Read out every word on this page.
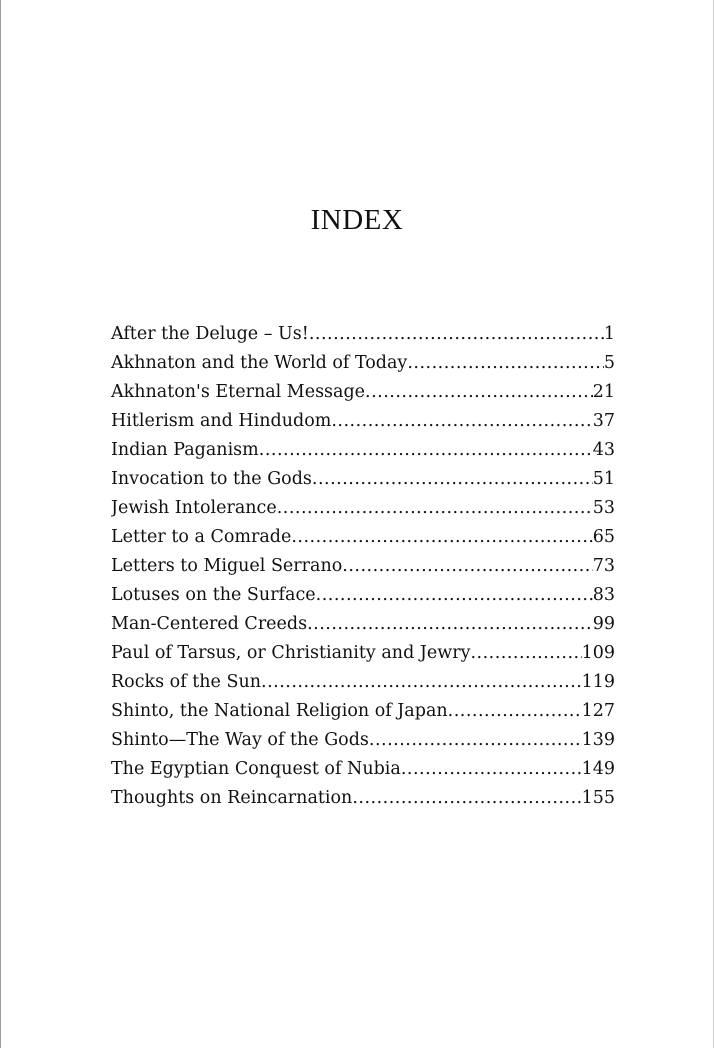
INDEX
After the Deluge – Us! .....	1
Akhnaton and the World of Today .....	5
Akhnaton's Eternal Message .....	21
Hitlerism and Hindudom .....	37
Indian Paganism .....	43
Invocation to the Gods .....	51
Jewish Intolerance .....	53
Letter to a Comrade .....	65
Letters to Miguel Serrano .....	73
Lotuses on the Surface .....	83
Man-Centered Creeds .....	99
Paul of Tarsus, or Christianity and Jewry .....	109
Rocks of the Sun .....	119
Shinto, the National Religion of Japan .....	127
Shinto—The Way of the Gods .....	139
The Egyptian Conquest of Nubia .....	149
Thoughts on Reincarnation .....	155
